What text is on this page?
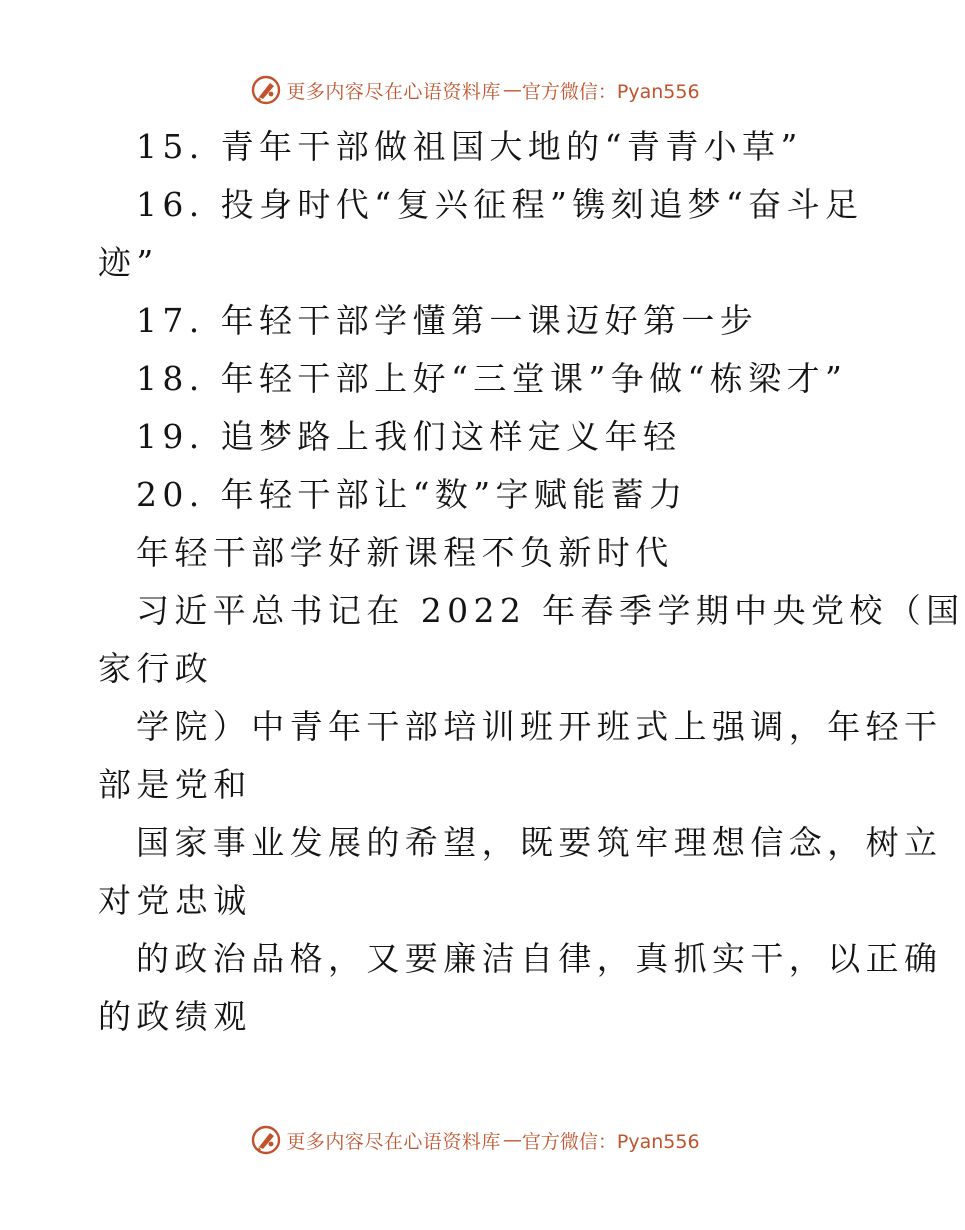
更多内容尽在心语资料库 — 官方微信：Pyan556
15. 青年干部做祖国大地的“青青小草”
16. 投身时代“复兴征程”镌刻追梦“奋斗足
迹”
17. 年轻干部学懂第一课迈好第一步
18. 年轻干部上好“三堂课”争做“栋梁才”
19. 追梦路上我们这样定义年轻
20. 年轻干部让“数”字赋能蓄力
年轻干部学好新课程不负新时代
习近平总书记在 2022 年春季学期中央党校（国
家行政
学院）中青年干部培训班开班式上强调，年轻干
部是党和
国家事业发展的希望，既要筑牢理想信念，树立
对党忠诚
的政治品格，又要廉洁自律，真抓实干，以正确
的政绩观
更多内容尽在心语资料库 — 官方微信：Pyan556
